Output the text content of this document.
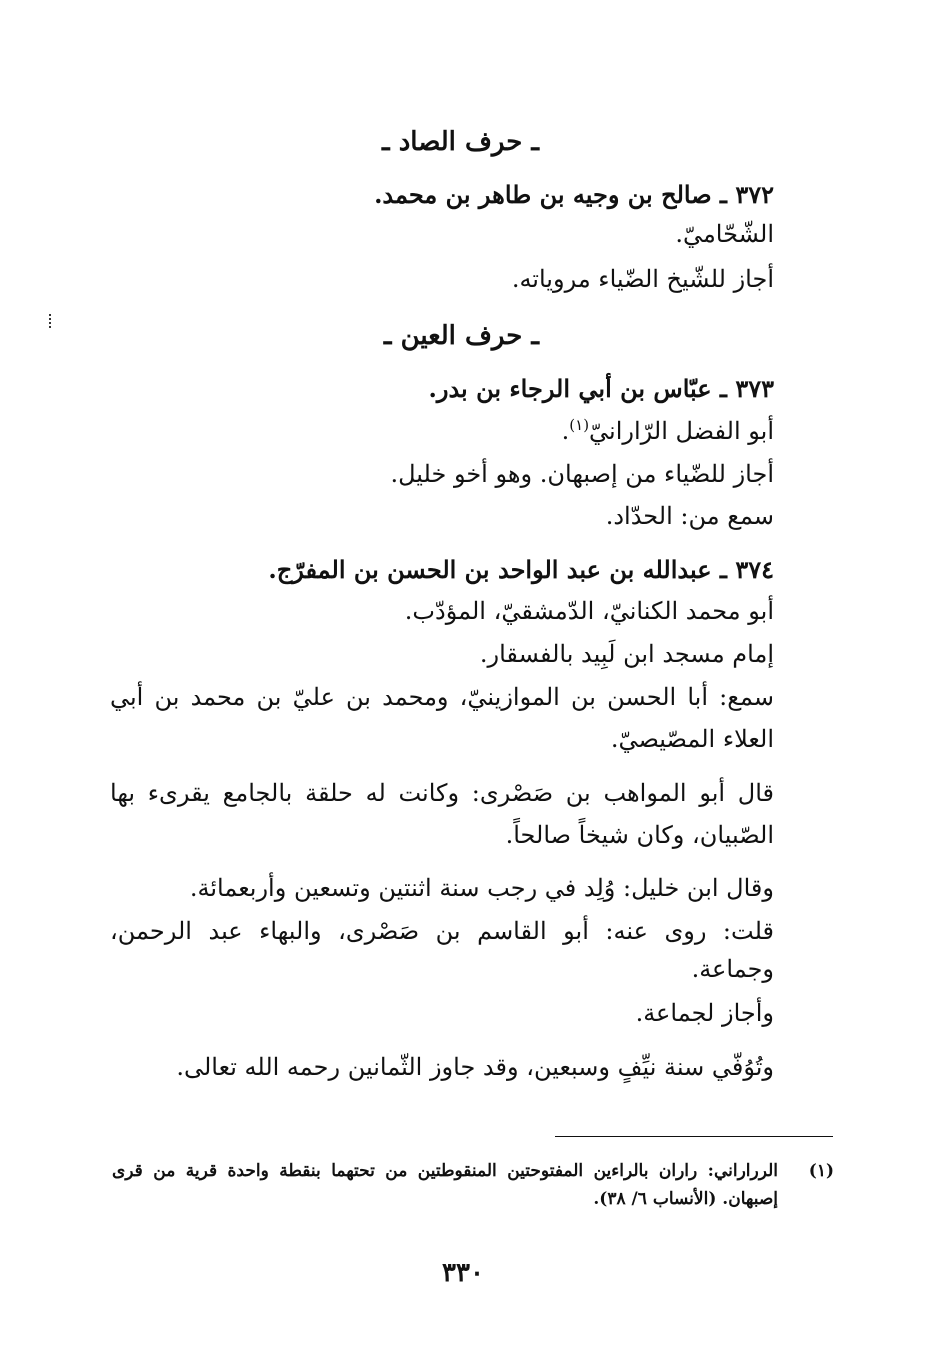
ـ حرف الصاد ـ
٣٧٢ ـ صالح بن وجيه بن طاهر بن محمد.
الشّحّاميّ.
أجاز للشّيخ الضّياء مروياته.
ـ حرف العين ـ
٣٧٣ ـ عبّاس بن أبي الرجاء بن بدر.
أبو الفضل الرّارانيّ$^{(١)}$.
أجاز للضّياء من إصبهان. وهو أخو خليل.
سمع من: الحدّاد.
٣٧٤ ـ عبدالله بن عبد الواحد بن الحسن بن المفرّج.
أبو محمد الكنانيّ، الدّمشقيّ، المؤدّب.
إمام مسجد ابن لَبِيد بالفسقار.
سمع: أبا الحسن بن الموازينيّ، ومحمد بن عليّ بن محمد بن أبي
العلاء المصّيصيّ.
قال أبو المواهب بن صَصْرى: وكانت له حلقة بالجامع يقرىء بها
الصّبيان، وكان شيخاً صالحاً.
وقال ابن خليل: وُلِد في رجب سنة اثنتين وتسعين وأربعمائة.
قلت: روى عنه: أبو القاسم بن صَصْرى، والبهاء عبد الرحمن،
وجماعة.
وأجاز لجماعة.
وتُوُفّي سنة نيِّفٍ وسبعين، وقد جاوز الثّمانين رحمه الله تعالى.
(١)
الرراراني: راران بالراءين المفتوحتين المنقوطتين من تحتهما بنقطة واحدة قرية من قرى
إصبهان. (الأنساب ٦/ ٣٨).
٣٣٠
